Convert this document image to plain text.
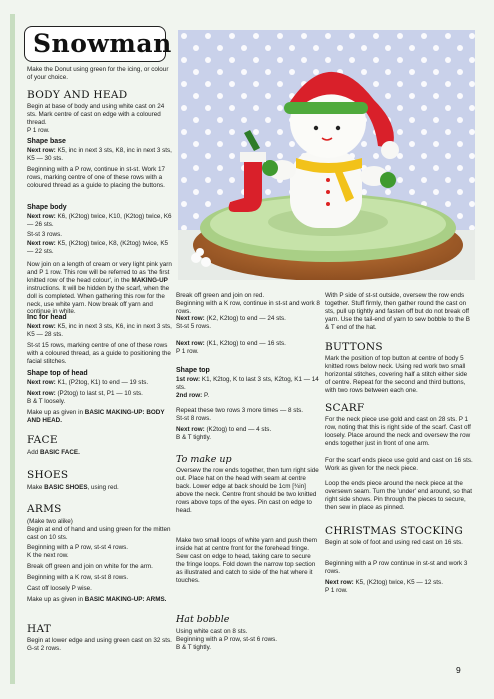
Snowman
Make the Donut using green for the icing, or colour of your choice.
BODY AND HEAD
Begin at base of body and using white cast on 24 sts. Mark centre of cast on edge with a coloured thread.
P 1 row.
Shape base
Next row: K5, inc in next 3 sts, K8, inc in next 3 sts, K5 — 30 sts.
Beginning with a P row, continue in st-st. Work 17 rows, marking centre of one of these rows with a coloured thread as a guide to placing the buttons.
Shape body
Next row: K6, (K2tog) twice, K10, (K2tog) twice, K6 — 26 sts.
St-st 3 rows.
Next row: K5, (K2tog) twice, K8, (K2tog) twice, K5 — 22 sts.
Now join on a length of cream or very light pink yarn and P 1 row. This row will be referred to as 'the first knitted row of the head colour', in the MAKING-UP instructions. It will be hidden by the scarf, when the doll is completed. When gathering this row for the neck, use white yarn. Now break off yarn and continue in white.
Inc for head
Next row: K5, inc in next 3 sts, K6, inc in next 3 sts, K5 — 28 sts.
St-st 15 rows, marking centre of one of these rows with a coloured thread, as a guide to positioning the facial stitches.
Shape top of head
Next row: K1, (P2tog, K1) to end — 19 sts.
Next row: (P2tog) to last st, P1 — 10 sts.
B & T loosely.
Make up as given in BASIC MAKING-UP: BODY AND HEAD.
FACE
Add BASIC FACE.
SHOES
Make BASIC SHOES, using red.
ARMS
(Make two alike)
Begin at end of hand and using green for the mitten cast on 10 sts.
Beginning with a P row, st-st 4 rows.
K the next row.
Break off green and join on white for the arm.
Beginning with a K row, st-st 8 rows.
Cast off loosely P wise.
Make up as given in BASIC MAKING-UP: ARMS.
HAT
Begin at lower edge and using green cast on 32 sts.
G-st 2 rows.
Break off green and join on red.
Beginning with a K row, continue in st-st and work 8 rows.
Next row: (K2, K2tog) to end — 24 sts.
St-st 5 rows.
Next row: (K1, K2tog) to end — 16 sts.
P 1 row.
Shape top
1st row: K1, K2tog, K to last 3 sts, K2tog, K1 — 14 sts.
2nd row: P.
Repeat these two rows 3 more times — 8 sts.
St-st 8 rows.
Next row: (K2tog) to end — 4 sts.
B & T tightly.
To make up
Oversew the row ends together, then turn right side out. Place hat on the head with seam at centre back. Lower edge at back should be 1cm [¾in] above the neck. Centre front should be two knitted rows above tops of the eyes. Pin cast on edge to head.
Make two small loops of white yarn and push them inside hat at centre front for the forehead fringe. Sew cast on edge to head, taking care to secure the fringe loops. Fold down the narrow top section as illustrated and catch to side of the hat where it touches.
Hat bobble
Using white cast on 8 sts.
Beginning with a P row, st-st 6 rows.
B & T tightly.
With P side of st-st outside, oversew the row ends together. Stuff firmly, then gather round the cast on sts, pull up tightly and fasten off but do not break off yarn. Use the tail-end of yarn to sew bobble to the B & T end of the hat.
BUTTONS
Mark the position of top button at centre of body 5 knitted rows below neck. Using red work two small horizontal stitches, covering half a stitch either side of centre. Repeat for the second and third buttons, with two rows between each one.
SCARF
For the neck piece use gold and cast on 28 sts. P 1 row, noting that this is right side of the scarf. Cast off loosely. Place around the neck and oversew the row ends together just in front of one arm.
For the scarf ends piece use gold and cast on 16 sts. Work as given for the neck piece.
Loop the ends piece around the neck piece at the oversewn seam. Turn the 'under' end around, so that right side shows. Pin through the pieces to secure, then sew in place as pinned.
CHRISTMAS STOCKING
Begin at sole of foot and using red cast on 16 sts.
Beginning with a P row continue in st-st and work 3 rows.
Next row: K5, (K2tog) twice, K5 — 12 sts.
P 1 row.
9
